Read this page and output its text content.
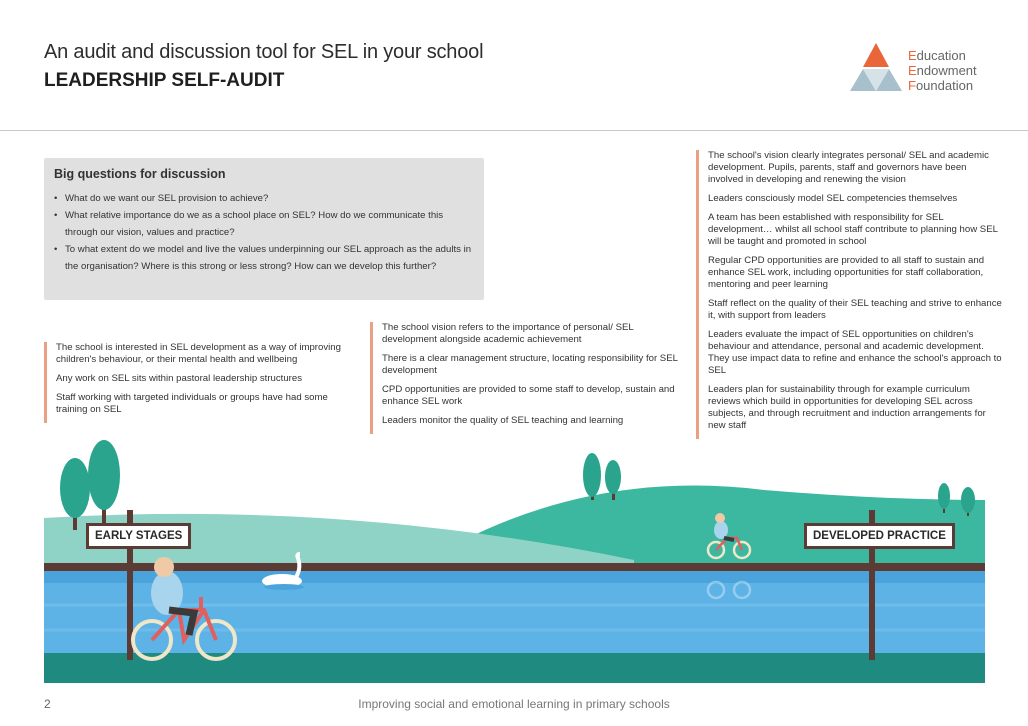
An audit and discussion tool for SEL in your school
LEADERSHIP SELF-AUDIT
Education
Endowment
Foundation
Big questions for discussion
• What do we want our SEL provision to achieve?
• What relative importance do we as a school place on SEL? How do we communicate this through our vision, values and practice?
• To what extent do we model and live the values underpinning our SEL approach as the adults in the organisation? Where is this strong or less strong? How can we develop this further?

The school is interested in SEL development as a way of improving children's behaviour, or their mental health and wellbeing

Any work on SEL sits within pastoral leadership structures

Staff working with targeted individuals or groups have had some training on SEL

The school vision refers to the importance of personal/ SEL development alongside academic achievement

There is a clear management structure, locating responsibility for SEL development

CPD opportunities are provided to some staff to develop, sustain and enhance SEL work

Leaders monitor the quality of SEL teaching and learning

The school's vision clearly integrates personal/ SEL and academic development. Pupils, parents, staff and governors have been involved in developing and renewing the vision

Leaders consciously model SEL competencies themselves

A team has been established with responsibility for SEL development… whilst all school staff contribute to planning how SEL will be taught and promoted in school

Regular CPD opportunities are provided to all staff to sustain and enhance SEL work, including opportunities for staff collaboration, mentoring and peer learning

Staff reflect on the quality of their SEL teaching and strive to enhance it, with support from leaders

Leaders evaluate the impact of SEL opportunities on children's behaviour and attendance, personal and academic development. They use impact data to refine and enhance the school's approach to SEL

Leaders plan for sustainability through for example curriculum reviews which build in opportunities for developing SEL across subjects, and through recruitment and induction arrangements for new staff

EARLY STAGES	DEVELOPED PRACTICE
2	Improving social and emotional learning in primary schools
